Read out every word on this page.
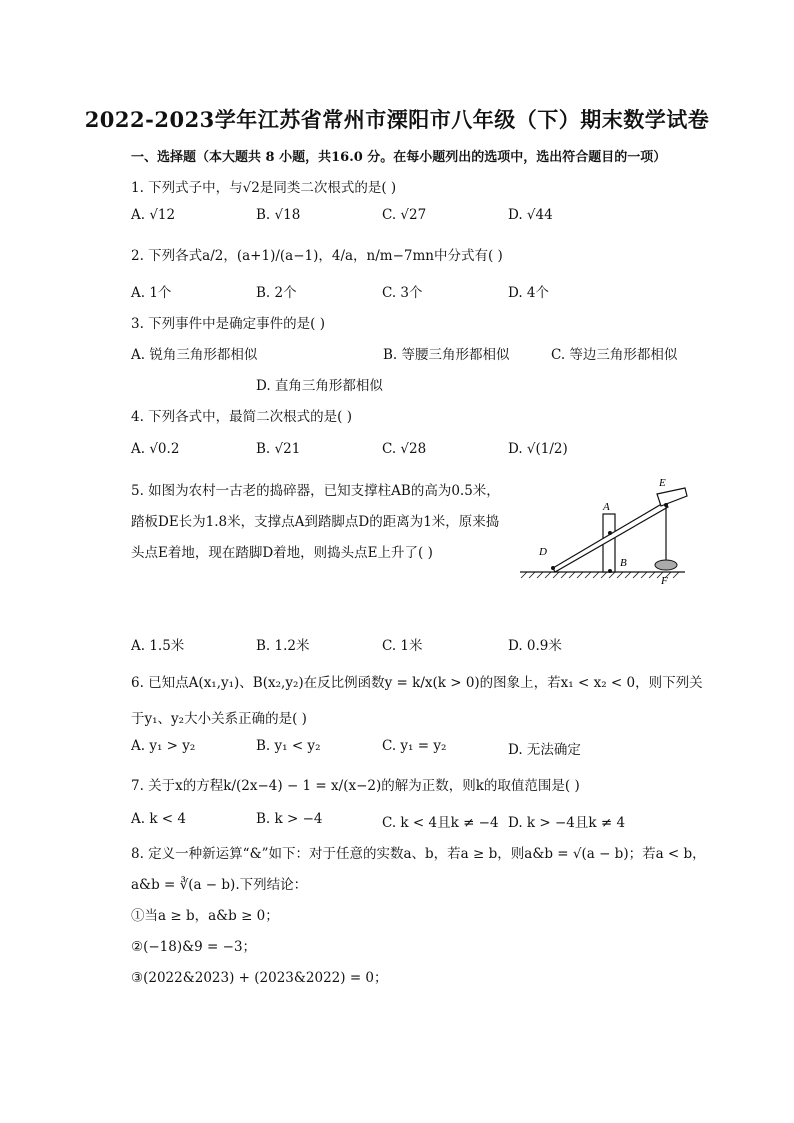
2022-2023学年江苏省常州市溧阳市八年级（下）期末数学试卷
一、选择题（本大题共 8 小题，共16.0 分。在每小题列出的选项中，选出符合题目的一项）
1. 下列式子中，与√2是同类二次根式的是( )
A. √12	B. √18	C. √27	D. √44
2. 下列各式a/2，(a+1)/(a−1)，4/a，n/m−7mn中分式有( )
A. 1个	B. 2个	C. 3个	D. 4个
3. 下列事件中是确定事件的是( )
A. 锐角三角形都相似	B. 等腰三角形都相似	C. 等边三角形都相似
D. 直角三角形都相似
4. 下列各式中，最简二次根式的是( )
A. √0.2	B. √21	C. √28	D. √(1/2)
5. 如图为农村一古老的捣碎器，已知支撑柱AB的高为0.5米，
踏板DE长为1.8米，支撑点A到踏脚点D的距离为1米，原来捣
头点E着地，现在踏脚D着地，则捣头点E上升了( )	D
A
B
E
F
A. 1.5米	B. 1.2米	C. 1米	D. 0.9米
6. 已知点A(x₁,y₁)、B(x₂,y₂)在反比例函数y = k/x(k > 0)的图象上，若x₁ < x₂ < 0，则下列关
于y₁、y₂大小关系正确的是( )
A. y₁ > y₂	B. y₁ < y₂	C. y₁ = y₂	D. 无法确定
7. 关于x的方程k/(2x−4) − 1 = x/(x−2)的解为正数，则k的取值范围是( )
A. k < 4	B. k > −4	C. k < 4且k ≠ −4 D. k > −4且k ≠ 4
8. 定义一种新运算“&”如下：对于任意的实数a、b，若a ≥ b，则a&b = √(a − b)；若a < b，
a&b = ∛(a − b).下列结论：
①当a ≥ b，a&b ≥ 0；
②(−18)&9 = −3；
③(2022&2023) + (2023&2022) = 0；
